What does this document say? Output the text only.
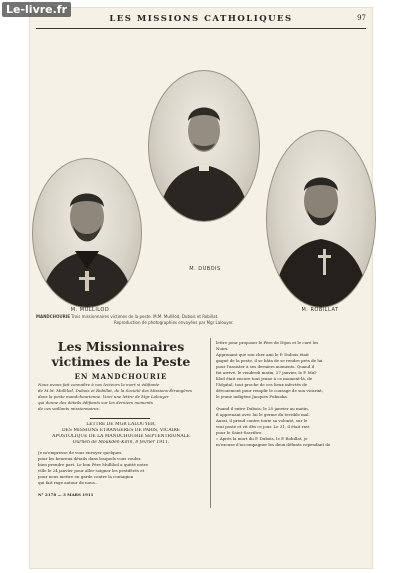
Le-livre.fr
LES MISSIONS CATHOLIQUES	97
M. MULLILOD
M. DUBOIS
M. ROBILLAT
MANDCHOURIE Trois missionnaires victimes de la peste. M.M. Mullilod, Dubois et Robillat.
Reproduction de photographies envoyées par Mgr Lalouyer.
Les Missionnaires victimes de la Peste
EN MANDCHOURIE
Nous avons fait connaître à nos lecteurs la mort si édifiante
de M.M. Mullilod, Dubois et Robillat, de la Société des Missions-Étrangères
dans la peste mandchourienne. Voici une lettre de Mgr Lalouyer
qui donne des détails édifiants sur les derniers moments
de ces vaillants missionnaires.
LETTRE DE MGR LALOUYER,
DES MISSIONS ÉTRANGÈRES DE PARIS, VICAIRE
APOSTOLIQUE DE LA MANDCHOURIE SEPTENTRIONALE
Ournen de Moukden-Kirin, 8 février 1911.
Je m'empresse de vous envoyer quelques
pour les heureux détails dans lesquels vous voulez
bien prendre part. Le bon Père Mullilod a quitté notre
ville le 24 janvier pour aller soigner les pestiférés et
pour nous mettre en garde contre la contagion
qui fait rage autour de nous...
N° 2178 — 3 MARS 1911
lettre pour proposer le Père de Dijon et le curé les
Noirs.
Apprenant que son cher ami le P. Dubois était
gagné de la peste, il se hâta de se rendre près de lui
pour l'assister à ses derniers moments. Quand il
fut arrivé, le vendredi matin, 27 janvier, le P. Mul-
lilod était encore tout jeune à ce moment-là, de
l'hôpital, tout proche de ces lieux infectés de
dévouement pour remplir le courage de son vicariat,
le jeune indigène Jacques Fukuoka.

Quand il entre Dubois, le 25 janvier au matin,
il apprenant avec lui le germe du terrible mal.
Aussi, il prend contre toute sa volonté, sur le
vrai poste et vit dès ce jour. Le 31, il était ravi
pour le Saint-Sacrifice.
« Après la mort du P. Dubois, le P. Robillat, je
m'excuse d'accompagner les deux défunts cependant de
